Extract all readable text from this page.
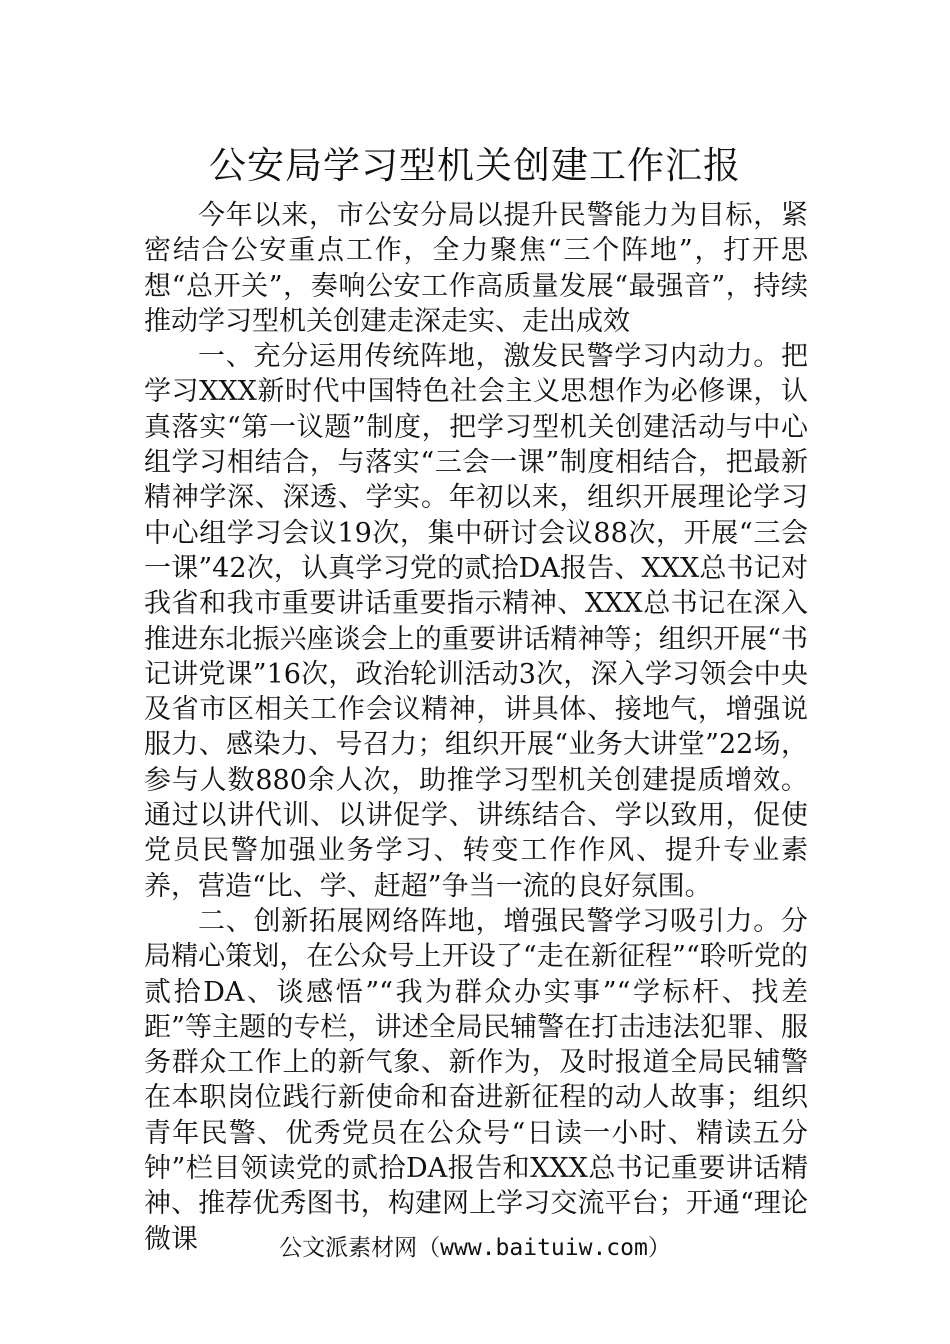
公安局学习型机关创建工作汇报

今年以来，市公安分局以提升民警能力为目标，紧密结合公安重点工作，全力聚焦“三个阵地”，打开思想“总开关”，奏响公安工作高质量发展“最强音”，持续推动学习型机关创建走深走实、走出成效

一、充分运用传统阵地，激发民警学习内动力。把学习XXX新时代中国特色社会主义思想作为必修课，认真落实“第一议题”制度，把学习型机关创建活动与中心组学习相结合，与落实“三会一课”制度相结合，把最新精神学深、深透、学实。年初以来，组织开展理论学习中心组学习会议19次，集中研讨会议88次，开展“三会一课”42次，认真学习党的贰拾DA报告、XXX总书记对我省和我市重要讲话重要指示精神、XXX总书记在深入推进东北振兴座谈会上的重要讲话精神等；组织开展“书记讲党课”16次，政治轮训活动3次，深入学习领会中央及省市区相关工作会议精神，讲具体、接地气，增强说服力、感染力、号召力；组织开展“业务大讲堂”22场，参与人数880余人次，助推学习型机关创建提质增效。通过以讲代训、以讲促学、讲练结合、学以致用，促使党员民警加强业务学习、转变工作作风、提升专业素养，营造“比、学、赶超”争当一流的良好氛围。

二、创新拓展网络阵地，增强民警学习吸引力。分局精心策划，在公众号上开设了“走在新征程”“聆听党的贰拾DA、谈感悟”“我为群众办实事”“学标杆、找差距”等主题的专栏，讲述全局民辅警在打击违法犯罪、服务群众工作上的新气象、新作为，及时报道全局民辅警在本职岗位践行新使命和奋进新征程的动人故事；组织青年民警、优秀党员在公众号“日读一小时、精读五分钟”栏目领读党的贰拾DA报告和XXX总书记重要讲话精神、推荐优秀图书，构建网上学习交流平台；开通“理论微课	公文派素材网（www.baituiw.com）
